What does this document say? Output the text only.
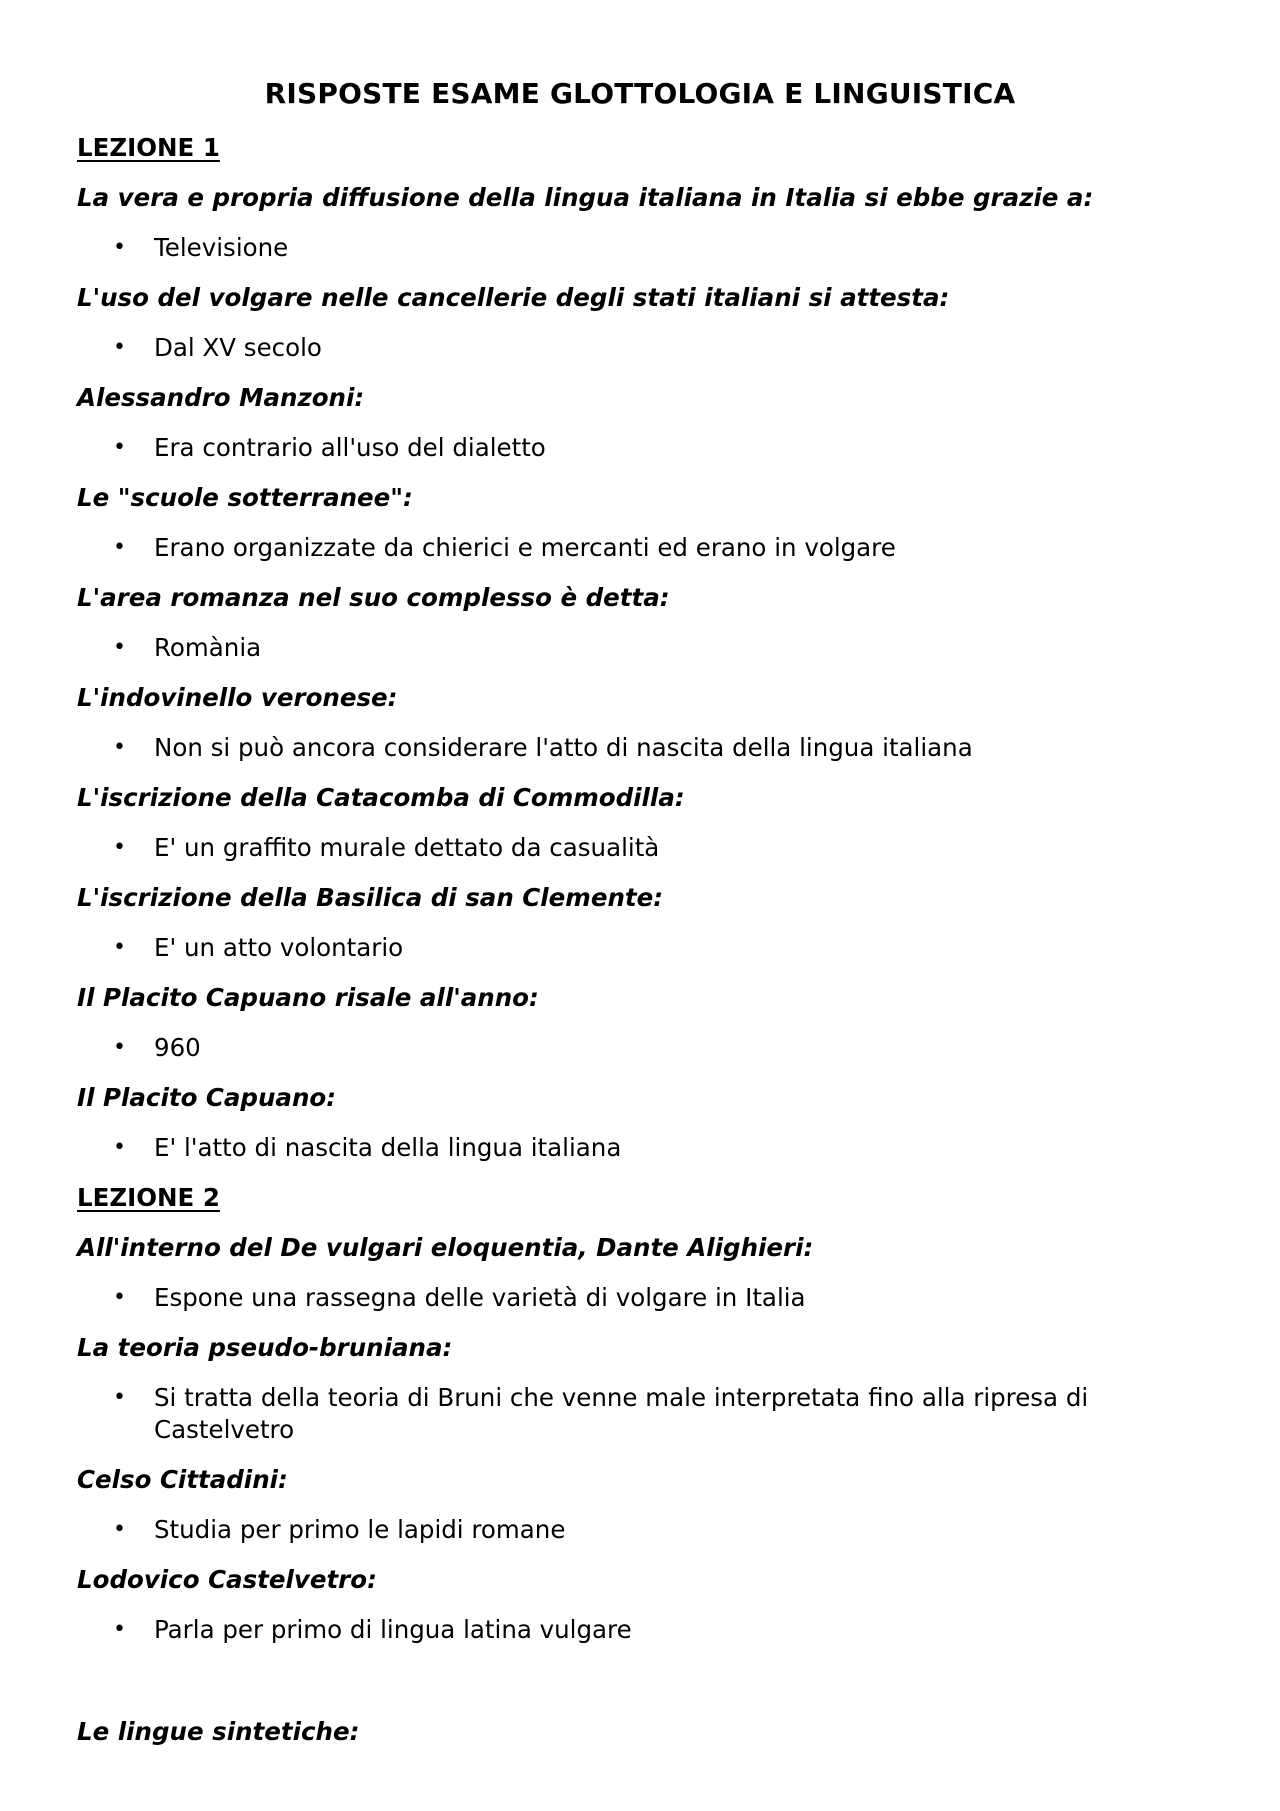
RISPOSTE ESAME GLOTTOLOGIA E LINGUISTICA
LEZIONE 1
La vera e propria diffusione della lingua italiana in Italia si ebbe grazie a:
•	Televisione
L'uso del volgare nelle cancellerie degli stati italiani si attesta:
•	Dal XV secolo
Alessandro Manzoni:
•	Era contrario all'uso del dialetto
Le "scuole sotterranee":
•	Erano organizzate da chierici e mercanti ed erano in volgare
L'area romanza nel suo complesso è detta:
•	Romània
L'indovinello veronese:
•	Non si può ancora considerare l'atto di nascita della lingua italiana
L'iscrizione della Catacomba di Commodilla:
•	E' un graffito murale dettato da casualità
L'iscrizione della Basilica di san Clemente:
•	E' un atto volontario
Il Placito Capuano risale all'anno:
•	960
Il Placito Capuano:
•	E' l'atto di nascita della lingua italiana
LEZIONE 2
All'interno del De vulgari eloquentia, Dante Alighieri:
•	Espone una rassegna delle varietà di volgare in Italia
La teoria pseudo-bruniana:
•	Si tratta della teoria di Bruni che venne male interpretata fino alla ripresa di Castelvetro
Celso Cittadini:
•	Studia per primo le lapidi romane
Lodovico Castelvetro:
•	Parla per primo di lingua latina vulgare
Le lingue sintetiche:
